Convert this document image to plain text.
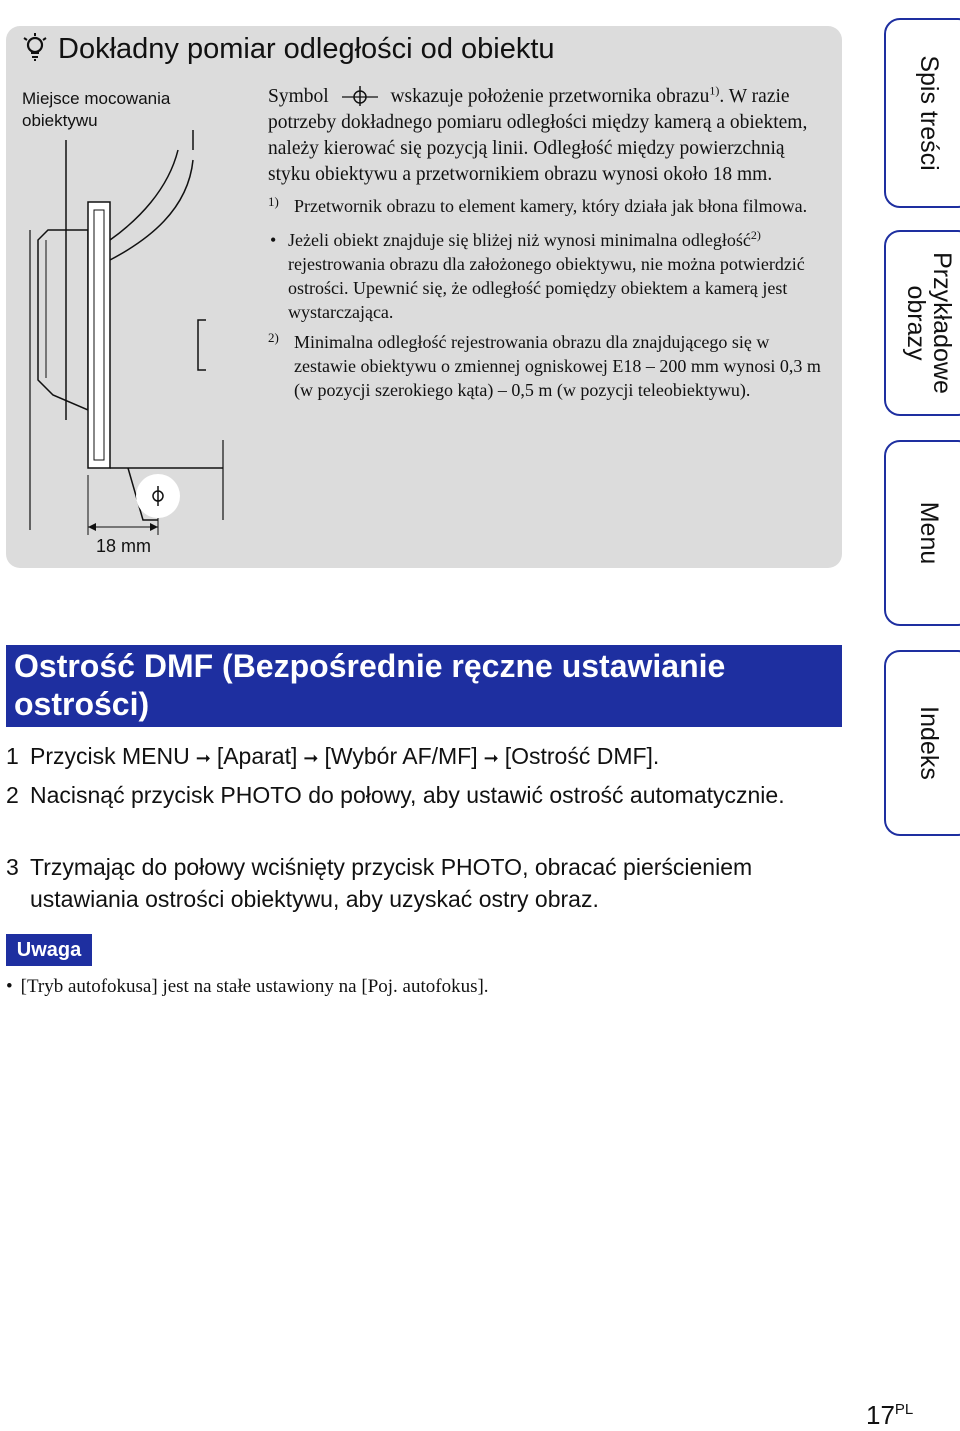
Dokładny pomiar odległości od obiektu
Miejsce mocowania obiektywu
18 mm

Symbol	wskazuje położenie przetwornika obrazu$^{1)}$. W razie potrzeby dokładnego pomiaru odległości między kamerą a obiektem, należy kierować się pozycją linii. Odległość między powierzchnią styku obiektywu a przetwornikiem obrazu wynosi około 18 mm.

1) Przetwornik obrazu to element kamery, który działa jak błona filmowa.
• Jeżeli obiekt znajduje się bliżej niż wynosi minimalna odległość$^{2)}$ rejestrowania obrazu dla założonego obiektywu, nie można potwierdzić ostrości. Upewnić się, że odległość pomiędzy obiektem a kamerą jest wystarczająca.
2) Minimalna odległość rejestrowania obrazu dla znajdującego się w zestawie obiektywu o zmiennej ogniskowej E18 – 200 mm wynosi 0,3 m (w pozycji szerokiego kąta) – 0,5 m (w pozycji teleobiektywu).
Spis treści
Przykładowe
obrazy
Menu
Indeks
Ostrość DMF (Bezpośrednie ręczne ustawianie ostrości)
1 Przycisk MENU ➞ [Aparat] ➞ [Wybór AF/MF] ➞ [Ostrość DMF].
2 Nacisnąć przycisk PHOTO do połowy, aby ustawić ostrość automatycznie.
3 Trzymając do połowy wciśnięty przycisk PHOTO, obracać pierścieniem ustawiania ostrości obiektywu, aby uzyskać ostry obraz.
Uwaga
• [Tryb autofokusa] jest na stałe ustawiony na [Poj. autofokus].
$17^{PL}$
